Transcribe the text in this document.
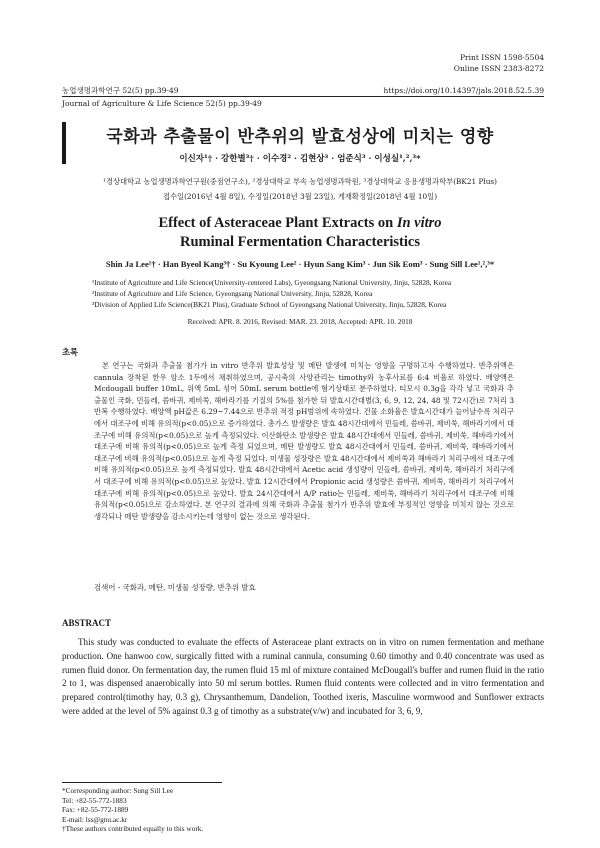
Print ISSN 1598-5504
Online ISSN 2383-8272
농업생명과학연구 52(5) pp.39-49	https://doi.org/10.14397/jals.2018.52.5.39
Journal of Agriculture & Life Science 52(5) pp.39-49
국화과 추출물이 반추위의 발효성상에 미치는 영향
이신자¹† · 강한별³† · 이수경² · 김현상³ · 엄준식³ · 이성실¹,²,³*
¹경상대학교 농업생명과학연구원(중점연구소), ²경상대학교 부속 농업생명과학원, ³경상대학교 응용생명과학부(BK21 Plus)
접수일(2016년 4월 8일), 수정일(2018년 3월 23일), 게재확정일(2018년 4월 10일)
Effect of Asteraceae Plant Extracts on In vitro
Ruminal Fermentation Characteristics
Shin Ja Lee¹† · Han Byeol Kang³† · Su Kyoung Lee² · Hyun Sang Kim³ · Jun Sik Eom³ · Sung Sill Lee¹,²,³*
¹Institute of Agriculture and Life Science(University-centered Labs), Gyeongsang National University, Jinju, 52828, Korea
²Institute of Agriculture and Life Science, Gyeongsang National University, Jinju, 52828, Korea
³Division of Applied Life Science(BK21 Plus), Graduate School of Gyeongsang National University, Jinju, 52828, Korea
Received: APR. 8. 2016, Revised: MAR. 23. 2018, Accepted: APR. 10. 2018
초록
본 연구는 국화과 추출물 첨가가 in vitro 반추위 발효성상 및 메탄 발생에 미치는 영향을 구명하고자 수행하였다. 반추위액은 cannula 장착된 한우 암소 1두에서 채취하였으며, 공시축의 사양관리는 timothy와 농후사료를 6:4 비율로 하였다. 배양액은 Mcdougall buffer 10mL, 위액 5mL 섞어 50mL serum bottle에 혐기상태로 분주하였다. 티모시 0.3g을 각각 넣고 국화과 추출물인 국화, 민들레, 씀바귀, 제비쑥, 해바라기를 기질의 5%를 첨가한 뒤 발효시간대별(3, 6, 9, 12, 24, 48 및 72시간)로 7처리 3반복 수행하였다. 배양액 pH값은 6.29~7.44으로 반추위 적정 pH범위에 속하였다. 건물 소화율은 발효시간대가 늘어날수록 처리구에서 대조구에 비해 유의적(p<0.05)으로 증가하였다. 총가스 발생량은 발효 48시간대에서 민들레, 씀바귀, 제비쑥, 해바라기에서 대조구에 비해 유의적(p<0.05)으로 높게 측정되었다. 이산화탄소 발생량은 발효 48시간대에서 민들레, 씀바귀, 제비쑥, 해바라기에서 대조구에 비해 유의적(p<0.05)으로 높게 측정 되었으며, 메탄 발생량도 발효 48시간대에서 민들레, 씀바귀, 제비쑥, 해바라기에서 대조구에 비해 유의적(p<0.05)으로 높게 측정 되었다. 미생물 성장량은 발효 48시간대에서 제비쑥과 해바라기 처리구에서 대조구에 비해 유의적(p<0.05)으로 높게 측정되었다. 발효 48시간대에서 Acetic acid 생성량이 민들레, 씀바귀, 제비쑥, 해바라기 처리구에서 대조구에 비해 유의적(p<0.05)으로 높았다. 발효 12시간대에서 Propionic acid 생성량은 씀바귀, 제비쑥, 해바라기 처리구에서 대조구에 비해 유의적(p<0.05)으로 높았다. 발효 24시간대에서 A/P ratio는 민들레, 제비쑥, 해바라기 처리구에서 대조구에 비해 유의적(p<0.05)으로 감소하였다. 본 연구의 결과에 의해 국화과 추출물 첨가가 반추위 발효에 부정적인 영향을 미치지 않는 것으로 생각되나 메탄 발생량을 감소시키는데 영향이 없는 것으로 생각된다.
검색어 - 국화과, 메탄, 미생물 성장량, 반추위 발효
ABSTRACT
This study was conducted to evaluate the effects of Asteraceae plant extracts on in vitro on rumen fermentation and methane production. One hanwoo cow, surgically fitted with a ruminal cannula, consuming 0.60 timothy and 0.40 concentrate was used as rumen fluid donor. On fermentation day, the rumen fluid 15 ml of mixture contained McDougall's buffer and rumen fluid in the ratio 2 to 1, was dispensed anaerobically into 50 ml serum bottles. Rumen fluid contents were collected and in vitro fermentation and prepared control(timothy hay, 0.3 g), Chrysanthemum, Dandelion, Toothed ixeris, Masculine wormwood and Sunflower extracts were added at the level of 5% against 0.3 g of timothy as a substrate(v/w) and incubated for 3, 6, 9,
*Corresponding author: Sung Sill Lee
Tel: +82-55-772-1883
Fax: +82-55-772-1889
E-mail: lss@gnu.ac.kr
†These authors contributed equally to this work.
